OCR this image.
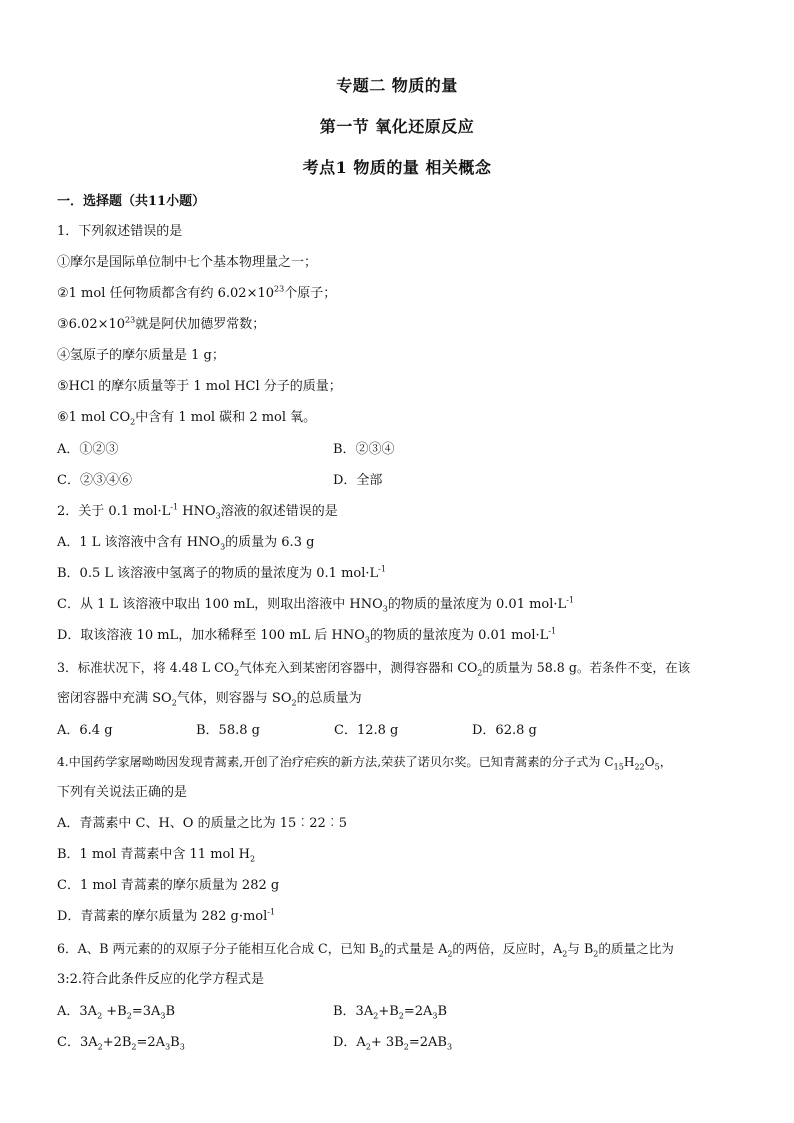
专题二 物质的量
第一节 氧化还原反应
考点1 物质的量 相关概念
一．选择题（共11小题）
1．下列叙述错误的是
①摩尔是国际单位制中七个基本物理量之一；
②1 mol 任何物质都含有约 $6.02\times 10^{23}$个原子；
$③6.02\times 10^{23}$就是阿伏加德罗常数；
④氢原子的摩尔质量是 1 g；
⑤HCl 的摩尔质量等于 1 mol HCl 分子的质量；
⑥1 mol $CO_2$中含有 1 mol 碳和 2 mol 氧。
A．①②③	B．②③④
C．②③④⑥	D．全部
2．关于 0.1 $mol\cdot L^{-1}$ $HNO_3$溶液的叙述错误的是
A．1 L 该溶液中含有 $HNO_3$的质量为 6.3 g
B．0.5 L 该溶液中氢离子的物质的量浓度为 0.1 $mol\cdot L^{-1}$
C．从 1 L 该溶液中取出 100 mL，则取出溶液中 $HNO_3$的物质的量浓度为 0.01 $mol\cdot L^{-1}$
D．取该溶液 10 mL，加水稀释至 100 mL 后 $HNO_3$的物质的量浓度为 0.01 $mol\cdot L^{-1}$
3．标准状况下，将 4.48 L $CO_2$气体充入到某密闭容器中，测得容器和 $CO_2$的质量为 58.8 g。若条件不变，在该
密闭容器中充满 $SO_2$气体，则容器与 $SO_2$的总质量为
A．6.4 g	B．58.8 g	C．12.8 g	D．62.8 g
4.中国药学家屠呦呦因发现青蒿素,开创了治疗疟疾的新方法,荣获了诺贝尔奖。已知青蒿素的分子式为 $C_{15}H_{22}O_5$，
下列有关说法正确的是
A．青蒿素中 C、H、O 的质量之比为 15︰22︰5
B．1 mol 青蒿素中含 11 mol $H_2$
C．1 mol 青蒿素的摩尔质量为 282 g
D．青蒿素的摩尔质量为 282 g·mol$^{-1}$
6．A、B 两元素的的双原子分子能相互化合成 C，已知 $B_2$的式量是 $A_2$的两倍，反应时，$A_2$与 $B_2$的质量之比为
3:2.符合此条件反应的化学方程式是
A．$3A_2 +B_2=3A_3B$	B．$3A_2+B_2=2A_3B$
C．$3A_2+2B_2=2A_3B_3$	D．$A_2+ 3B_2=2AB_3$
